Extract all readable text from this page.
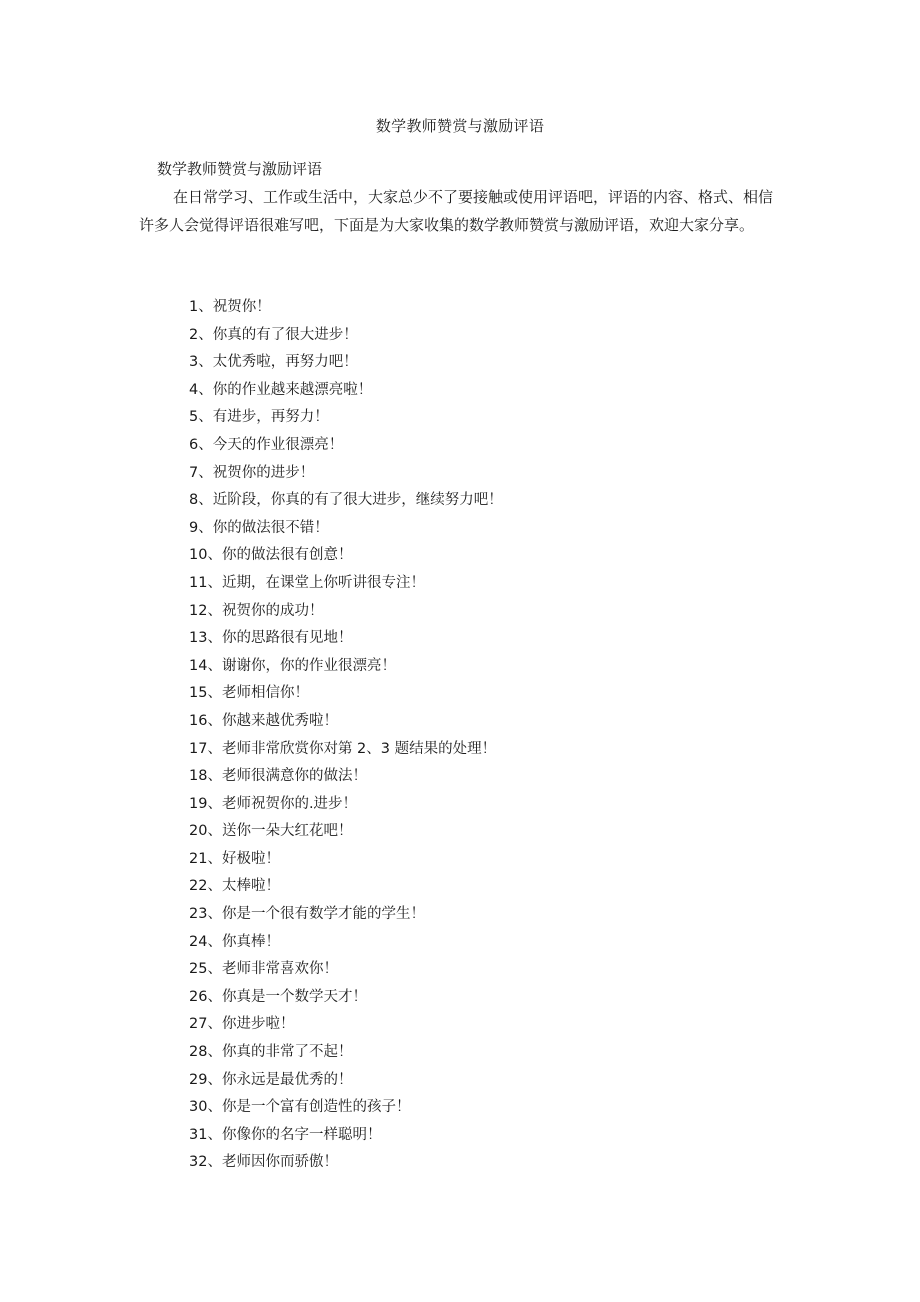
数学教师赞赏与激励评语
数学教师赞赏与激励评语

在日常学习、工作或生活中，大家总少不了要接触或使用评语吧，评语的内容、格式、相信许多人会觉得评语很难写吧，下面是为大家收集的数学教师赞赏与激励评语，欢迎大家分享。

1、祝贺你！
2、你真的有了很大进步！
3、太优秀啦，再努力吧！
4、你的作业越来越漂亮啦！
5、有进步，再努力！
6、今天的作业很漂亮！
7、祝贺你的进步！
8、近阶段，你真的有了很大进步，继续努力吧！
9、你的做法很不错！
10、你的做法很有创意！
11、近期，在课堂上你听讲很专注！
12、祝贺你的成功！
13、你的思路很有见地！
14、谢谢你，你的作业很漂亮！
15、老师相信你！
16、你越来越优秀啦！
17、老师非常欣赏你对第 2、3 题结果的处理！
18、老师很满意你的做法！
19、老师祝贺你的.进步！
20、送你一朵大红花吧！
21、好极啦！
22、太棒啦！
23、你是一个很有数学才能的学生！
24、你真棒！
25、老师非常喜欢你！
26、你真是一个数学天才！
27、你进步啦！
28、你真的非常了不起！
29、你永远是最优秀的！
30、你是一个富有创造性的孩子！
31、你像你的名字一样聪明！
32、老师因你而骄傲！
